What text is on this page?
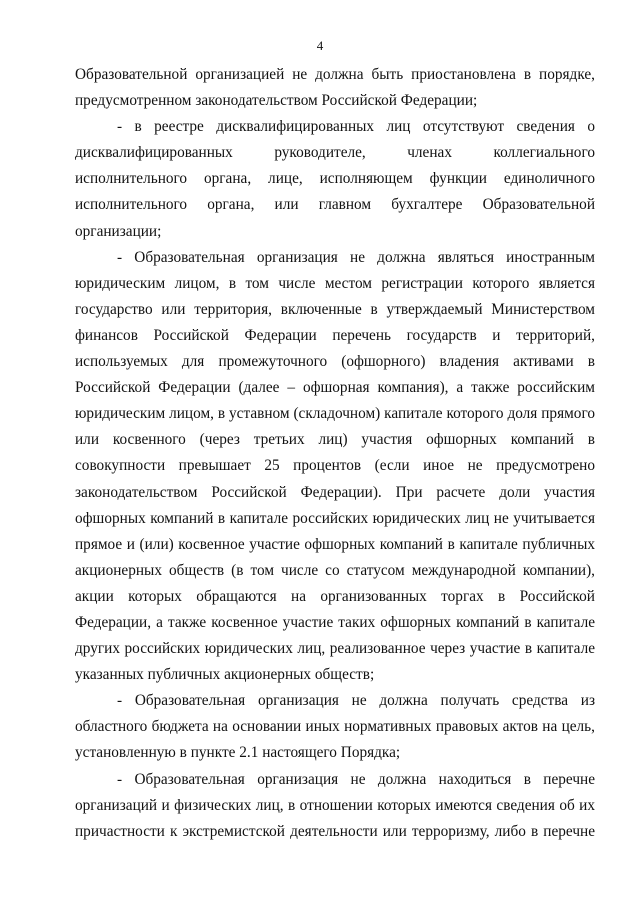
4

Образовательной организацией не должна быть приостановлена в порядке, предусмотренном законодательством Российской Федерации;

- в реестре дисквалифицированных лиц отсутствуют сведения о дисквалифицированных руководителе, членах коллегиального исполнительного органа, лице, исполняющем функции единоличного исполнительного органа, или главном бухгалтере Образовательной организации;

- Образовательная организация не должна являться иностранным юридическим лицом, в том числе местом регистрации которого является государство или территория, включенные в утверждаемый Министерством финансов Российской Федерации перечень государств и территорий, используемых для промежуточного (офшорного) владения активами в Российской Федерации (далее – офшорная компания), а также российским юридическим лицом, в уставном (складочном) капитале которого доля прямого или косвенного (через третьих лиц) участия офшорных компаний в совокупности превышает 25 процентов (если иное не предусмотрено законодательством Российской Федерации). При расчете доли участия офшорных компаний в капитале российских юридических лиц не учитывается прямое и (или) косвенное участие офшорных компаний в капитале публичных акционерных обществ (в том числе со статусом международной компании), акции которых обращаются на организованных торгах в Российской Федерации, а также косвенное участие таких офшорных компаний в капитале других российских юридических лиц, реализованное через участие в капитале указанных публичных акционерных обществ;

- Образовательная организация не должна получать средства из областного бюджета на основании иных нормативных правовых актов на цель, установленную в пункте 2.1 настоящего Порядка;

- Образовательная организация не должна находиться в перечне организаций и физических лиц, в отношении которых имеются сведения об их причастности к экстремистской деятельности или терроризму, либо в перечне
